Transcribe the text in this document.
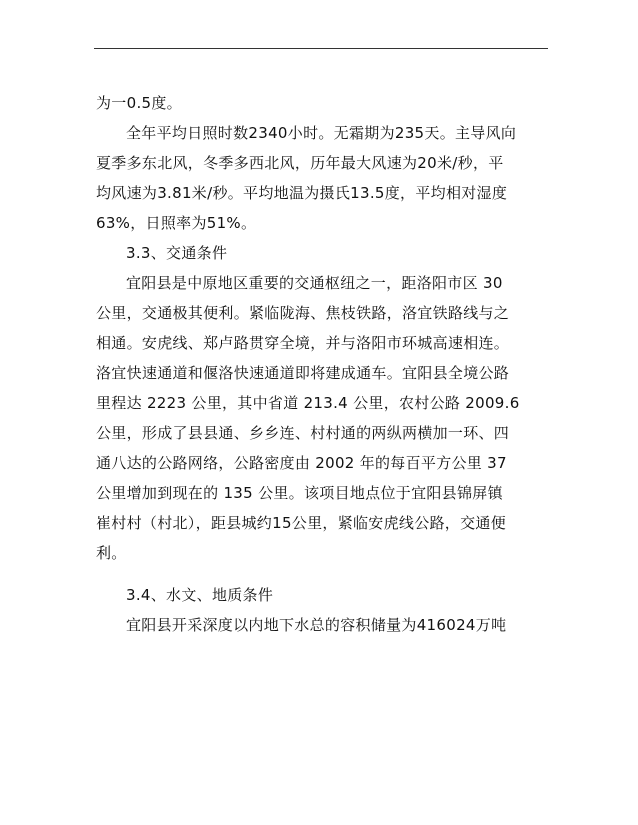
为一0.5度。
全年平均日照时数2340小时。无霜期为235天。主导风向
夏季多东北风，冬季多西北风，历年最大风速为20米/秒，平
均风速为3.81米/秒。平均地温为摄氏13.5度，平均相对湿度
63%，日照率为51%。
3.3、交通条件
宜阳县是中原地区重要的交通枢纽之一，距洛阳市区 30
公里，交通极其便利。紧临陇海、焦枝铁路，洛宜铁路线与之
相通。安虎线、郑卢路贯穿全境，并与洛阳市环城高速相连。
洛宜快速通道和偃洛快速通道即将建成通车。宜阳县全境公路
里程达 2223 公里，其中省道 213.4 公里，农村公路 2009.6
公里，形成了县县通、乡乡连、村村通的两纵两横加一环、四
通八达的公路网络，公路密度由 2002 年的每百平方公里 37
公里增加到现在的 135 公里。该项目地点位于宜阳县锦屏镇
崔村村（村北），距县城约15公里，紧临安虎线公路，交通便
利。
3.4、水文、地质条件
宜阳县开采深度以内地下水总的容积储量为416024万吨
